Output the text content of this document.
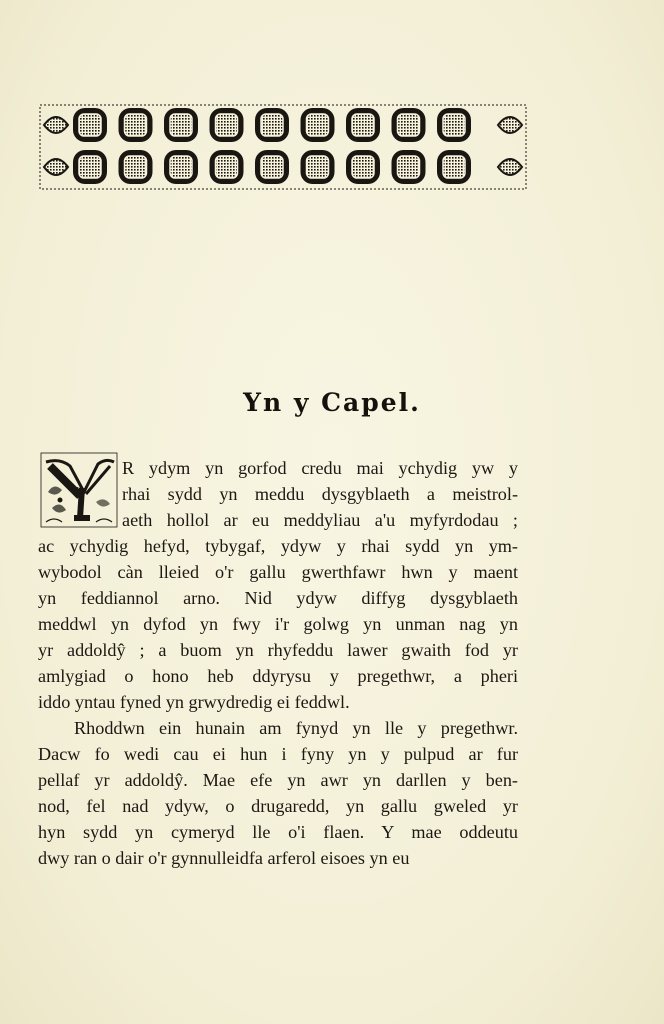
Yn y Capel.
Y
R ydym yn gorfod credu mai ychydig yw y
rhai sydd yn meddu dysgyblaeth a meistrol-
aeth hollol ar eu meddyliau a'u myfyrdodau ;
ac ychydig hefyd, tybygaf, ydyw y rhai sydd yn ym-
wybodol càn lleied o'r gallu gwerthfawr hwn y maent
yn feddiannol arno. Nid ydyw diffyg dysgyblaeth
meddwl yn dyfod yn fwy i'r golwg yn unman nag yn
yr addoldŷ ; a buom yn rhyfeddu lawer gwaith fod yr
amlygiad o hono heb ddyrysu y pregethwr, a pheri
iddo yntau fyned yn grwydredig ei feddwl.
Rhoddwn ein hunain am fynyd yn lle y pregethwr.
Dacw fo wedi cau ei hun i fyny yn y pulpud ar fur
pellaf yr addoldŷ. Mae efe yn awr yn darllen y ben-
nod, fel nad ydyw, o drugaredd, yn gallu gweled yr
hyn sydd yn cymeryd lle o'i flaen. Y mae oddeutu
dwy ran o dair o'r gynnulleidfa arferol eisoes yn eu
